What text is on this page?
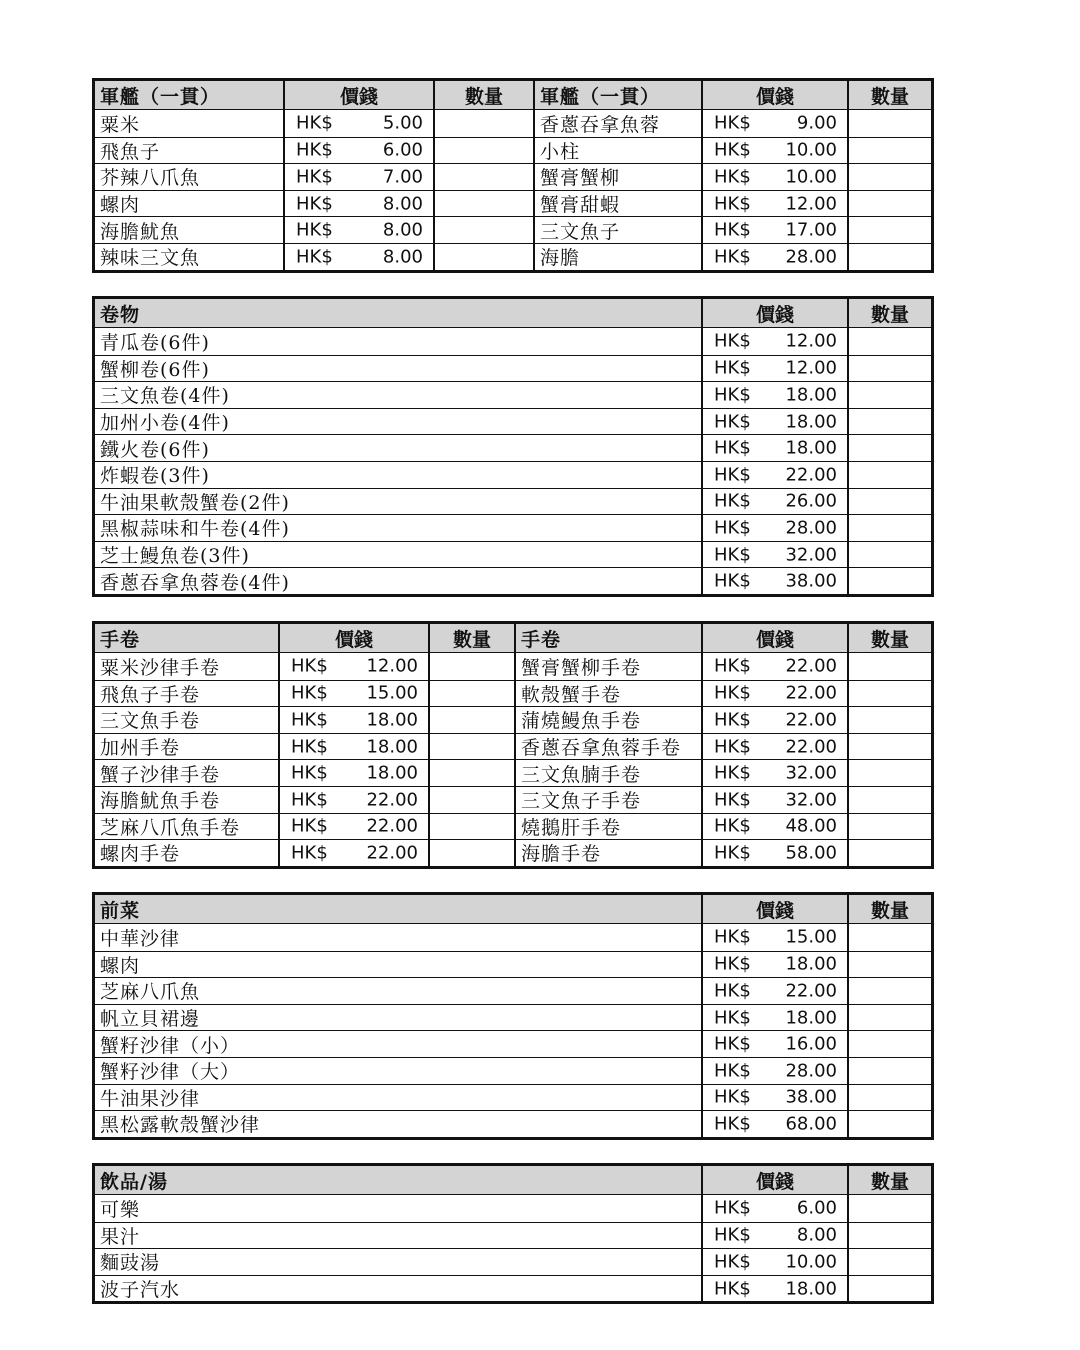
軍艦（一貫）	價錢	數量	軍艦（一貫）	價錢	數量
粟米	HK$	5.00	香蔥吞拿魚蓉	HK$	9.00
飛魚子	HK$	6.00	小柱	HK$ 10.00
芥辣八爪魚	HK$	7.00	蟹膏蟹柳	HK$ 10.00
螺肉	HK$	8.00	蟹膏甜蝦	HK$ 12.00
海膽魷魚	HK$	8.00	三文魚子	HK$ 17.00
辣味三文魚	HK$	8.00	海膽	HK$ 28.00
卷物	價錢	數量
青瓜卷(6件)	HK$ 12.00
蟹柳卷(6件)	HK$ 12.00
三文魚卷(4件)	HK$ 18.00
加州小卷(4件)	HK$ 18.00
鐵火卷(6件)	HK$ 18.00
炸蝦卷(3件)	HK$ 22.00
牛油果軟殼蟹卷(2件)	HK$ 26.00
黑椒蒜味和牛卷(4件)	HK$ 28.00
芝士鰻魚卷(3件)	HK$ 32.00
香蔥吞拿魚蓉卷(4件)	HK$ 38.00
手卷	價錢	數量	手卷	價錢	數量
粟米沙律手卷	HK$ 12.00	蟹膏蟹柳手卷	HK$ 22.00
飛魚子手卷	HK$ 15.00	軟殼蟹手卷	HK$ 22.00
三文魚手卷	HK$ 18.00	蒲燒鰻魚手卷	HK$ 22.00
加州手卷	HK$ 18.00	香蔥吞拿魚蓉手卷	HK$ 22.00
蟹子沙律手卷	HK$ 18.00	三文魚腩手卷	HK$ 32.00
海膽魷魚手卷	HK$ 22.00	三文魚子手卷	HK$ 32.00
芝麻八爪魚手卷	HK$ 22.00	燒鵝肝手卷	HK$ 48.00
螺肉手卷	HK$ 22.00	海膽手卷	HK$ 58.00
前菜	價錢	數量
中華沙律	HK$ 15.00
螺肉	HK$ 18.00
芝麻八爪魚	HK$ 22.00
帆立貝裙邊	HK$ 18.00
蟹籽沙律（小）	HK$ 16.00
蟹籽沙律（大）	HK$ 28.00
牛油果沙律	HK$ 38.00
黑松露軟殼蟹沙律	HK$ 68.00
飲品/湯	價錢	數量
可樂	HK$	6.00
果汁	HK$	8.00
麵豉湯	HK$ 10.00
波子汽水	HK$ 18.00
